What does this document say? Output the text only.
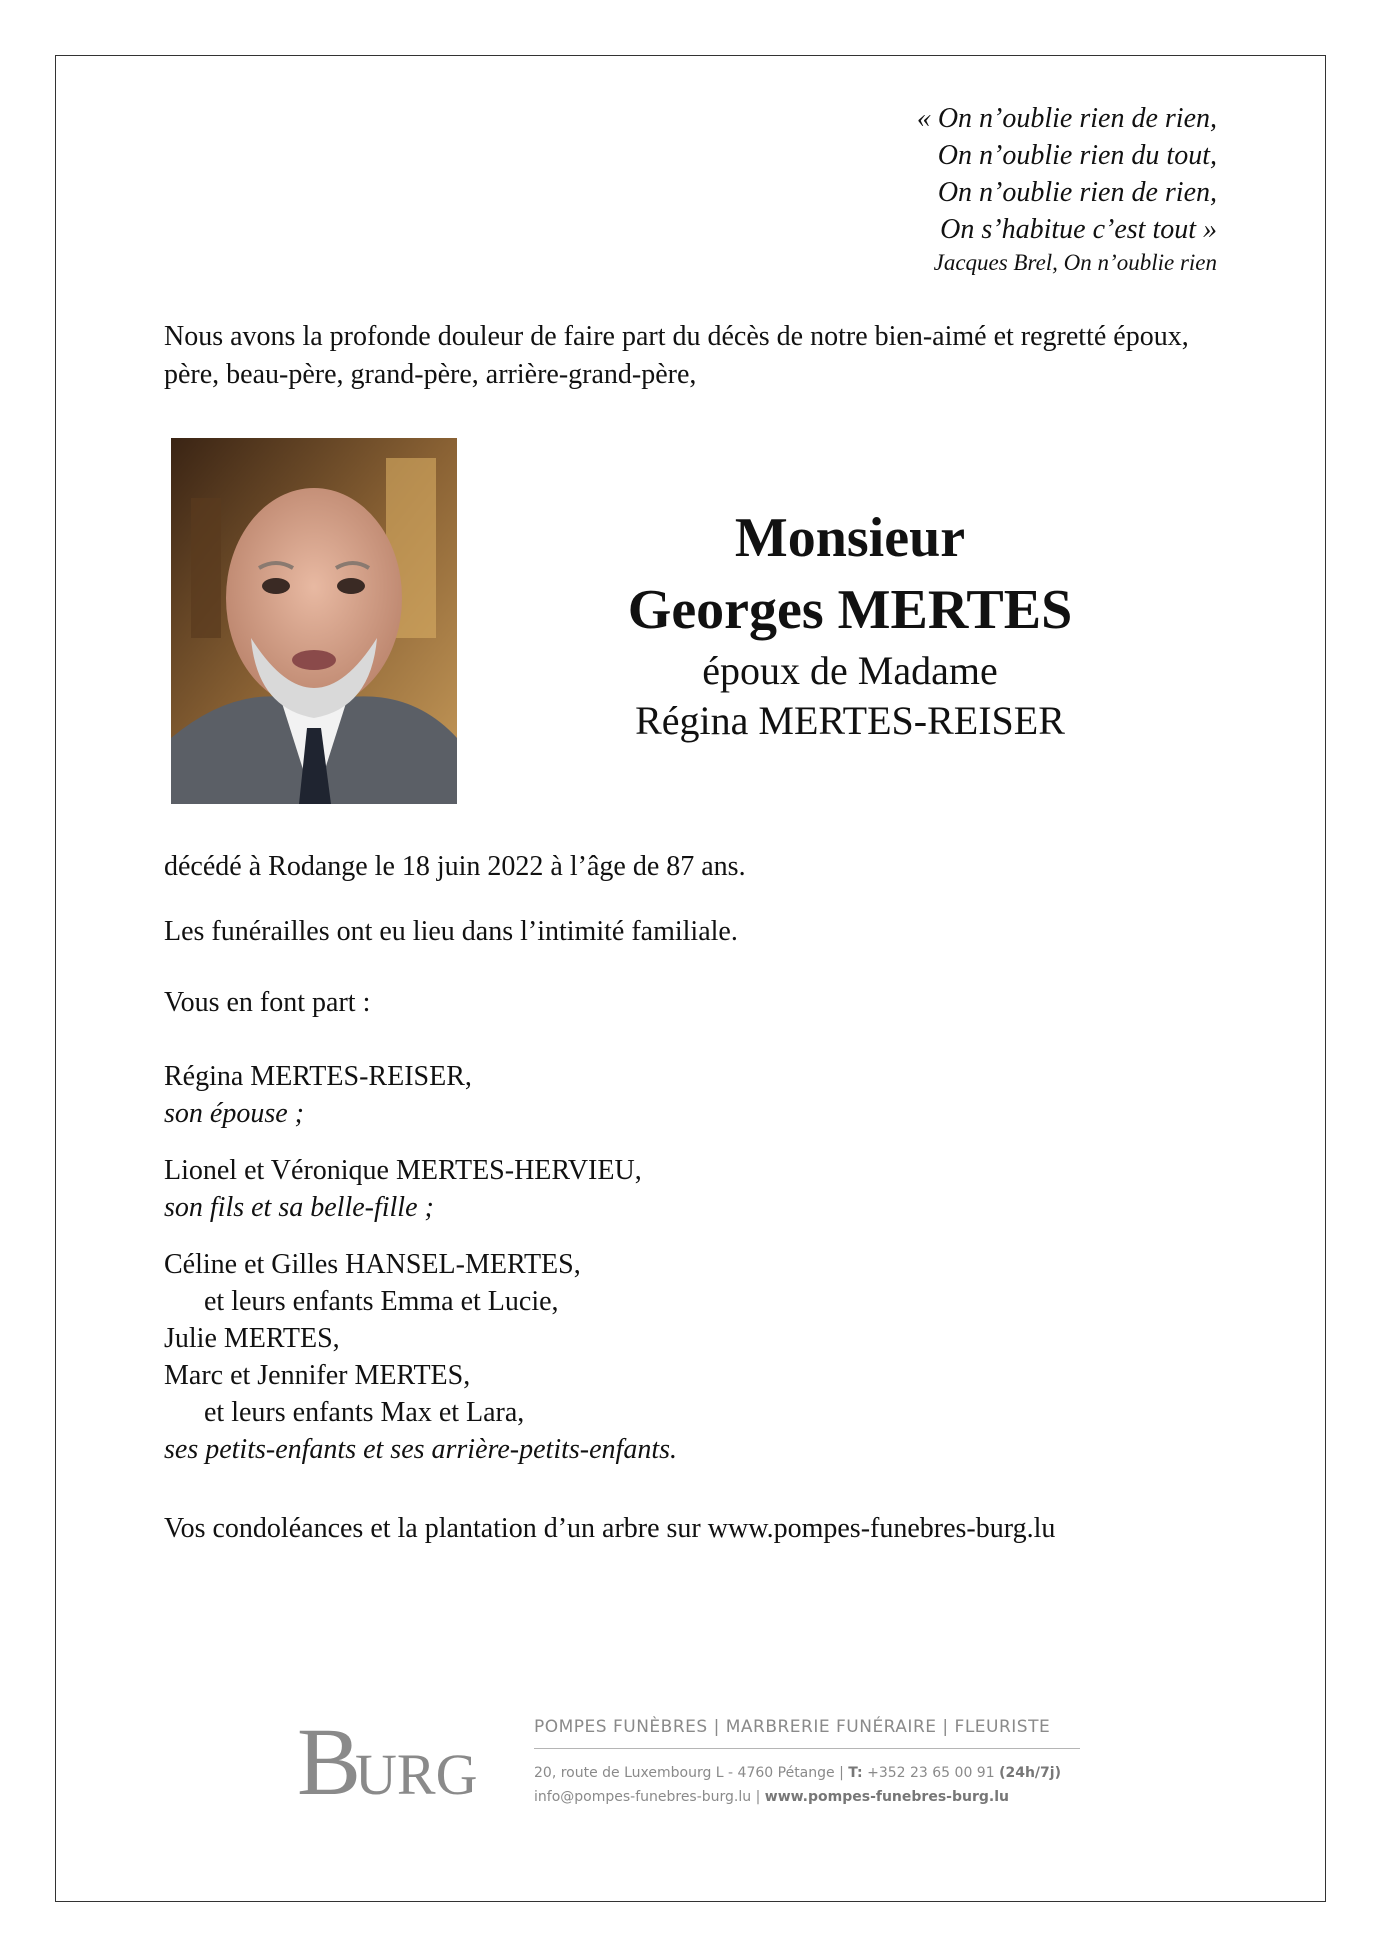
« On n’oublie rien de rien,
On n’oublie rien du tout,
On n’oublie rien de rien,
On s’habitue c’est tout »
Jacques Brel, On n’oublie rien
Nous avons la profonde douleur de faire part du décès de notre bien-aimé et regretté époux, père, beau-père, grand-père, arrière-grand-père,
Monsieur
Georges MERTES
époux de Madame
Régina MERTES-REISER
décédé à Rodange le 18 juin 2022 à l’âge de 87 ans.
Les funérailles ont eu lieu dans l’intimité familiale.
Vous en font part :
Régina MERTES-REISER,
son épouse ;
Lionel et Véronique MERTES-HERVIEU,
son fils et sa belle-fille ;
Céline et Gilles HANSEL-MERTES,
et leurs enfants Emma et Lucie,
Julie MERTES,
Marc et Jennifer MERTES,
et leurs enfants Max et Lara,
ses petits-enfants et ses arrière-petits-enfants.
Vos condoléances et la plantation d’un arbre sur www.pompes-funebres-burg.lu
B
URG
POMPES FUNÈBRES | MARBRERIE FUNÉRAIRE | FLEURISTE
20, route de Luxembourg L - 4760 Pétange | T: +352 23 65 00 91 (24h/7j)
info@pompes-funebres-burg.lu | www.pompes-funebres-burg.lu
